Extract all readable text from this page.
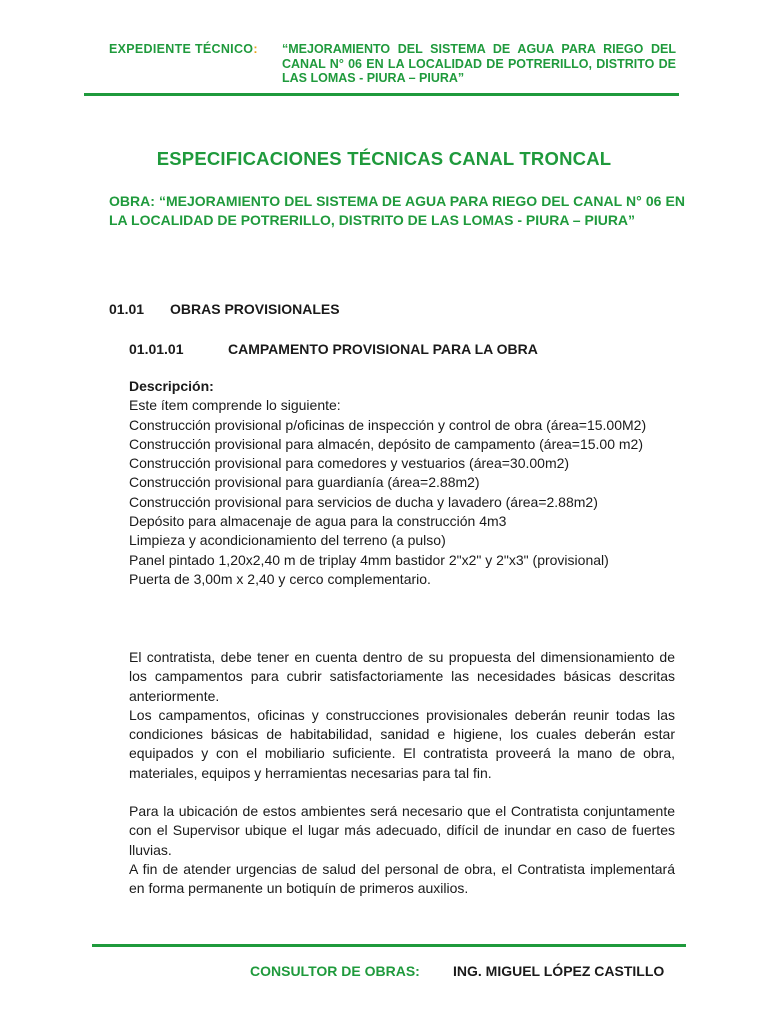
EXPEDIENTE TÉCNICO: “MEJORAMIENTO DEL SISTEMA DE AGUA PARA RIEGO DEL CANAL N° 06 EN LA LOCALIDAD DE POTRERILLO, DISTRITO DE LAS LOMAS - PIURA – PIURA”
ESPECIFICACIONES TÉCNICAS CANAL TRONCAL
OBRA: “MEJORAMIENTO DEL SISTEMA DE AGUA PARA RIEGO DEL CANAL N° 06 EN LA LOCALIDAD DE POTRERILLO, DISTRITO DE LAS LOMAS - PIURA – PIURA”
01.01 OBRAS PROVISIONALES
01.01.01	CAMPAMENTO PROVISIONAL PARA LA OBRA

Descripción:

Este ítem comprende lo siguiente:

Construcción provisional p/oficinas de inspección y control de obra (área=15.00M2)

Construcción provisional para almacén, depósito de campamento (área=15.00 m2)

Construcción provisional para comedores y vestuarios (área=30.00m2)

Construcción provisional para guardianía (área=2.88m2)

Construcción provisional para servicios de ducha y lavadero (área=2.88m2)

Depósito para almacenaje de agua para la construcción 4m3

Limpieza y acondicionamiento del terreno (a pulso)

Panel pintado 1,20x2,40 m de triplay 4mm bastidor 2"x2" y 2"x3" (provisional)

Puerta de 3,00m x 2,40 y cerco complementario.

El contratista, debe tener en cuenta dentro de su propuesta del dimensionamiento de los campamentos para cubrir satisfactoriamente las necesidades básicas descritas anteriormente.

Los campamentos, oficinas y construcciones provisionales deberán reunir todas las condiciones básicas de habitabilidad, sanidad e higiene, los cuales deberán estar equipados y con el mobiliario suficiente. El contratista proveerá la mano de obra, materiales, equipos y herramientas necesarias para tal fin.

Para la ubicación de estos ambientes será necesario que el Contratista conjuntamente con el Supervisor ubique el lugar más adecuado, difícil de inundar en caso de fuertes lluvias.

A fin de atender urgencias de salud del personal de obra, el Contratista implementará en forma permanente un botiquín de primeros auxilios.

CONSULTOR DE OBRAS: ING. MIGUEL LÓPEZ CASTILLO
